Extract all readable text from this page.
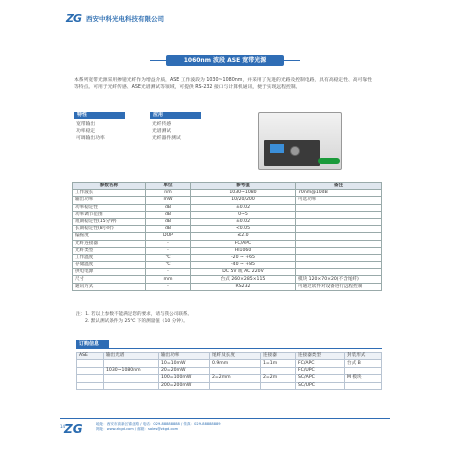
ZG 西安中科光电科技有限公司
1060nm 波段 ASE 宽带光源
本系列宽带光源采用掺镱光纤作为增益介质，ASE 工作波段为 1030~1080nm，并采用了先进的光路及控制电路，具有高稳定性、高可靠性等特点。可用于光纤传感、ASE光谱测试等领域，可提供 RS-232 接口与计算机通讯，便于实现远程控制。
特性
宽带输出
功率稳定
可调输出功率
应用
光纤传感
光谱测试
光纤器件测试
参数名称	单位	参考值	备注
工作波长	nm	1030~1080	70nm@10dB
输出功率	mW	10/20/200	可选功率
功率稳定性	dB	±0.02	
功率调节范围	dB	0~5	
短期稳定性(15分钟)	dB	±0.02	
长期稳定性(8小时)	dB	<0.05	
偏振度	DOP	≤2.0	
光纤连接器	-	FC/APC	
光纤类型	-	HI1060	
工作温度	℃	-20 ~ +65	
存储温度	℃	-40 ~ +85	
供电电源	-	DC 5V 或 AC 220V	
尺寸	mm	台式 260×285×115	模块 120×70×20(不含尾纤)
通讯方式	-	RS232	可通过软件对设备进行远程控制
注：1. 若以上参数不能满足您的要求，请与我公司联系。
2. 默认测试条件为 25℃ 下的测量值（10 分钟）。
订购信息
ASE	输出光谱	输出功率	尾纤及长度	连接器	连接器类型	封装形式
		10=10mW	0.9mm	1=1m	FC/APC	台式 B
	1030~1080nm	20=20mW			FC/UPC	
		100=100mW	2=2mm	2=2m	SC/APC	M 模块
		200=200mW			SC/UPC	
14
ZG	地址：西安市高新区锦业路 / 电话：029-88888888 / 传真：029-88888889
网址：www.zkgd.com / 邮箱：sales@zkgd.com
